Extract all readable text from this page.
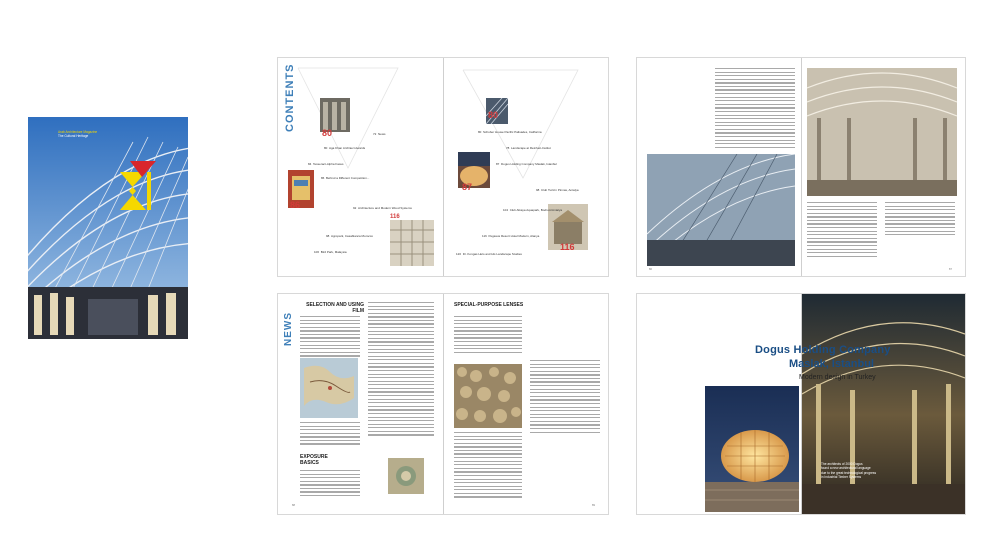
Arab Architecture Magazine
The Cultural Heritage
CONTENTS
80
86
72 News
80 Aga Khan Architect Awards
84 Tesseract-Alpha Faces
86 Behind a Different Competition...
92 Architecture and Modern Wood Systems
98 Agropark, Casablanca Morocco
106 Bird Park, Malaysia
116
80
87
116
80 Schuber House Pacific Palisades, California
78 Landscape at Reinheit-Institut
87 Dogus Holding Company Maslak, Istanbul
98 Club Turizm Pinnas, Antalya
104 Club Alkaya Aquapark, Bodrum/Antalya
116 Pegasus Resort Hotel Modern, Alanya
120 Dr. Kongas Helo and His Landscape Studies
86	87
NEWS
SELECTION AND USING FILM
EXPOSURE BASICS
88
SPECIAL-PURPOSE LENSES
89
Dogus Holding Company
Maslak, Istanbul
Modern design in Turkey
The architects of 2000 Dogus
found a new architectural language
due to the great technological progress
in Industrial Timber Systems
